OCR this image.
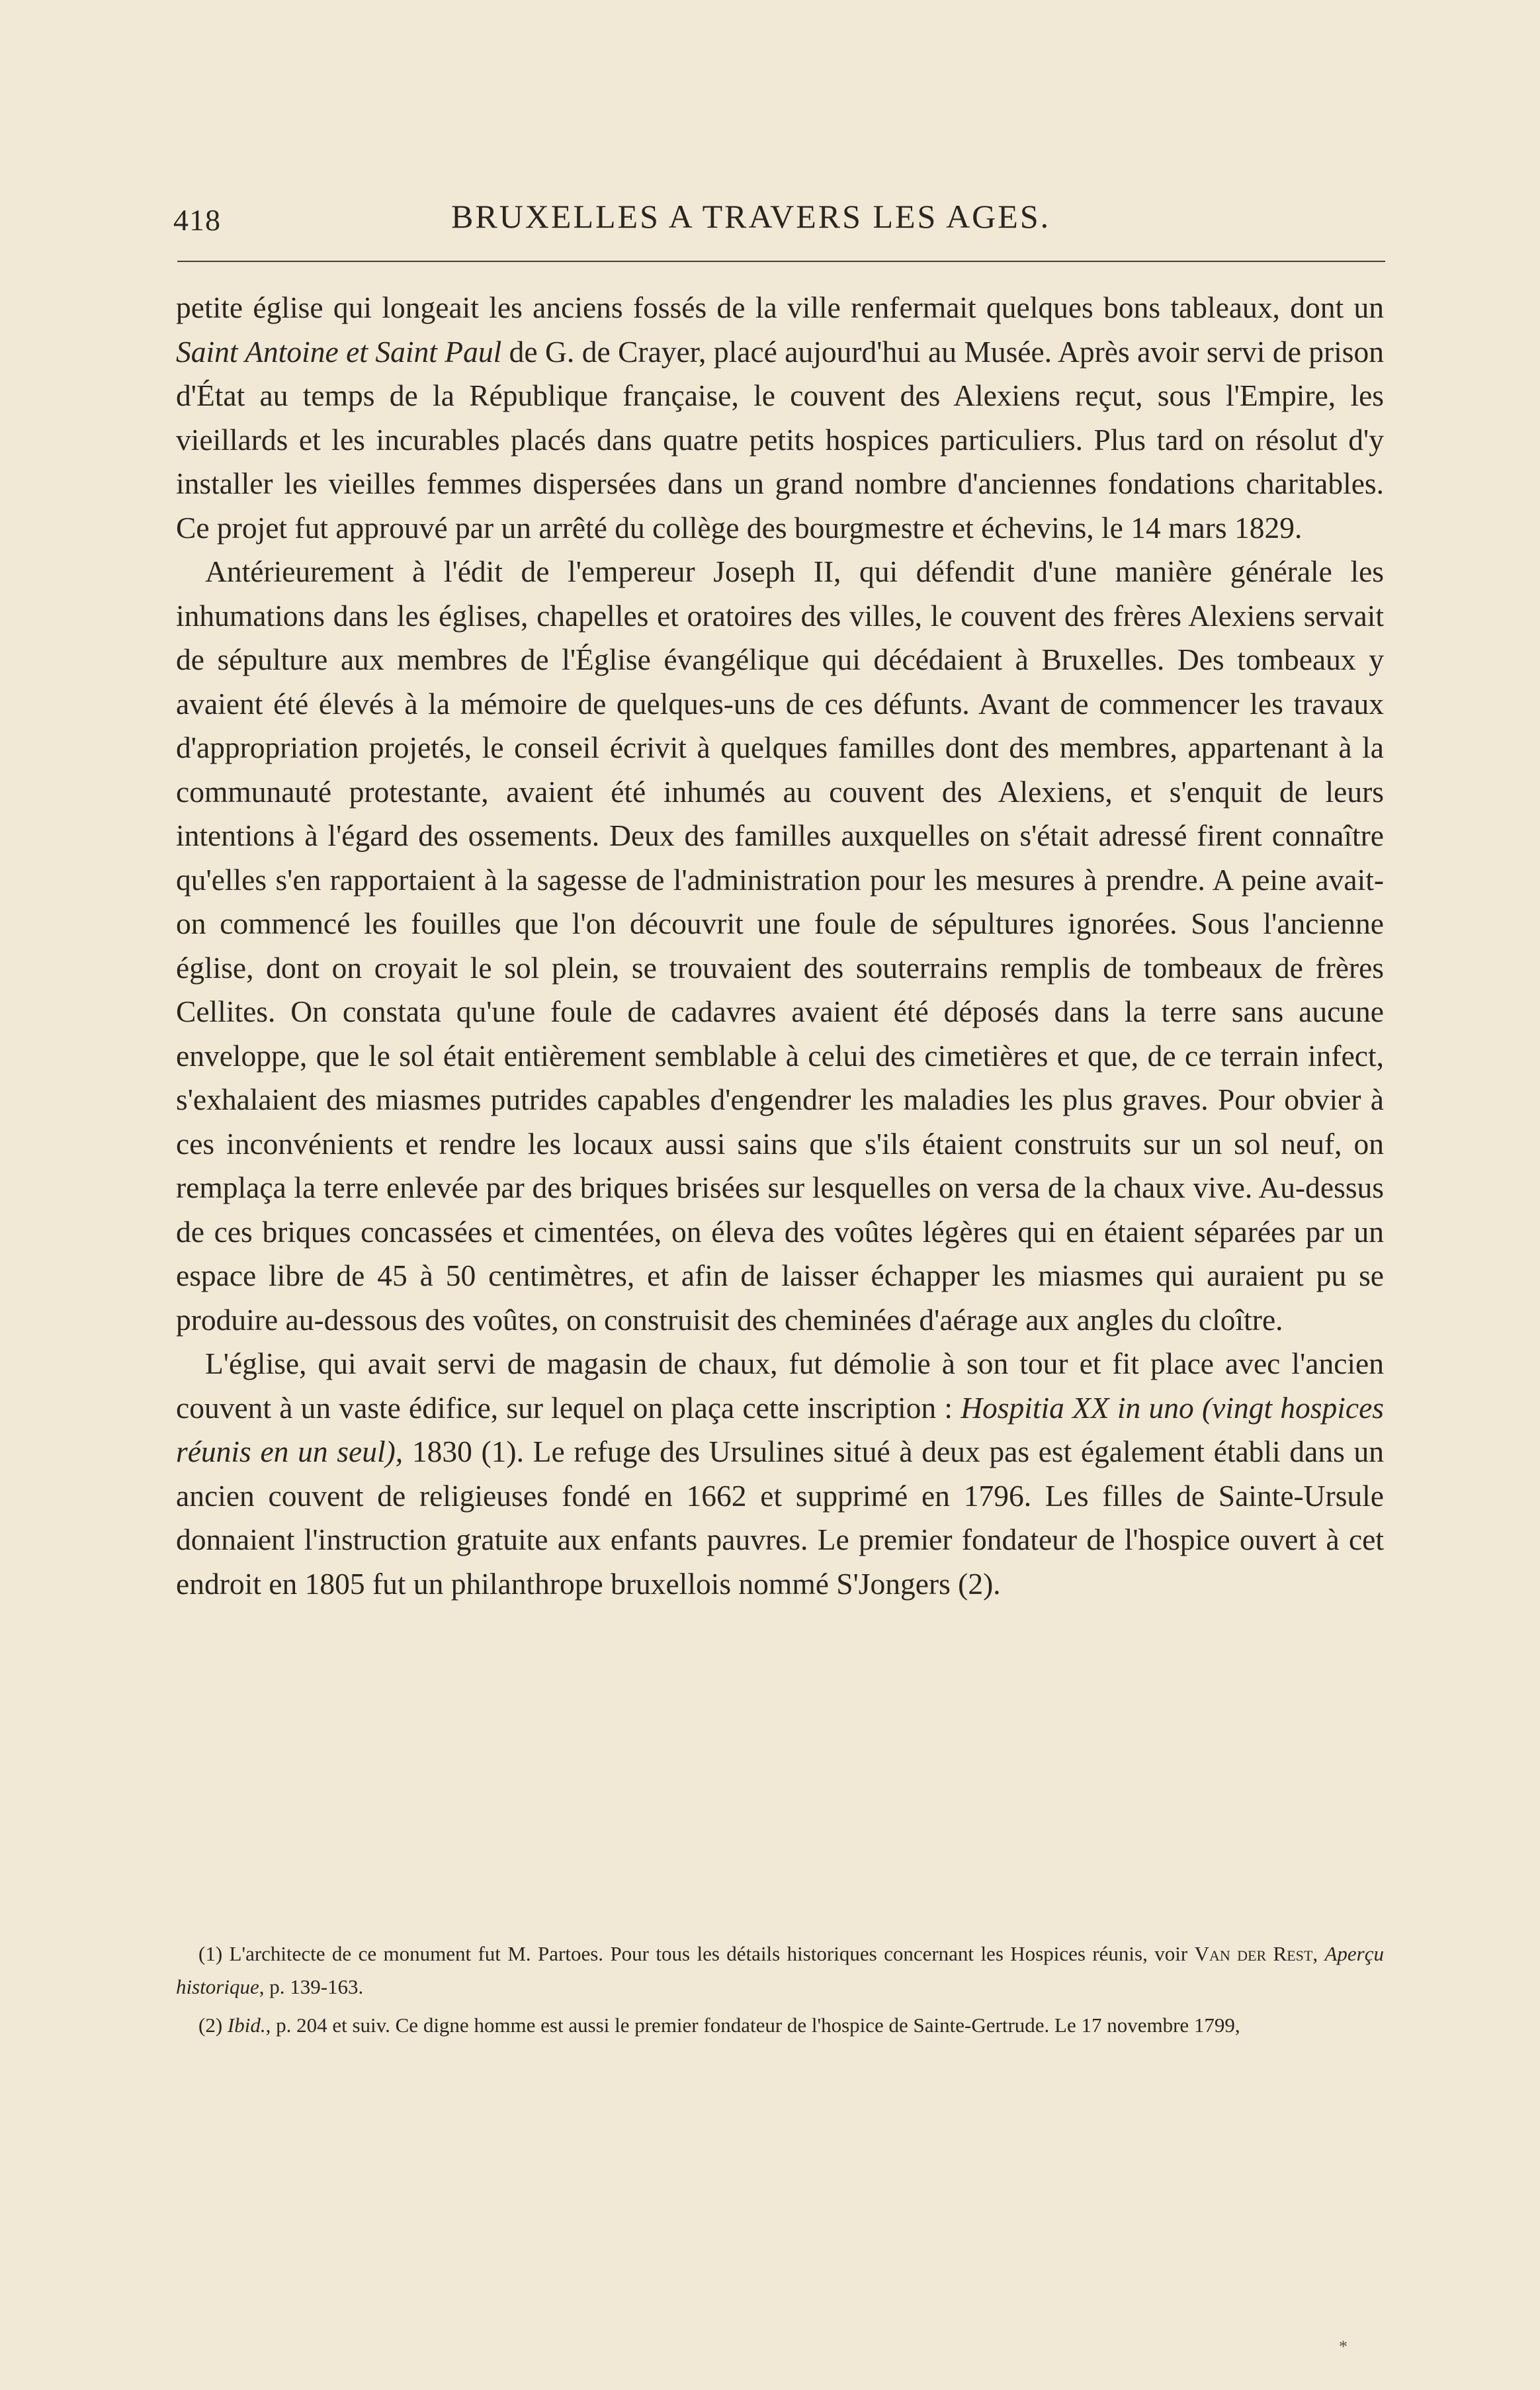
418	BRUXELLES A TRAVERS LES AGES.

petite église qui longeait les anciens fossés de la ville renfermait quelques bons tableaux, dont un Saint Antoine et Saint Paul de G. de Crayer, placé aujourd'hui au Musée. Après avoir servi de prison d'État au temps de la République française, le couvent des Alexiens reçut, sous l'Empire, les vieillards et les incurables placés dans quatre petits hospices particuliers. Plus tard on résolut d'y installer les vieilles femmes dispersées dans un grand nombre d'anciennes fondations charitables. Ce projet fut approuvé par un arrêté du collège des bourgmestre et échevins, le 14 mars 1829.

Antérieurement à l'édit de l'empereur Joseph II, qui défendit d'une manière générale les inhumations dans les églises, chapelles et oratoires des villes, le couvent des frères Alexiens servait de sépulture aux membres de l'Église évangélique qui décédaient à Bruxelles. Des tombeaux y avaient été élevés à la mémoire de quelques-uns de ces défunts. Avant de commencer les travaux d'appropriation projetés, le conseil écrivit à quelques familles dont des membres, appartenant à la communauté protestante, avaient été inhumés au couvent des Alexiens, et s'enquit de leurs intentions à l'égard des ossements. Deux des familles auxquelles on s'était adressé firent connaître qu'elles s'en rapportaient à la sagesse de l'administration pour les mesures à prendre. A peine avait-on commencé les fouilles que l'on découvrit une foule de sépultures ignorées. Sous l'ancienne église, dont on croyait le sol plein, se trouvaient des souterrains remplis de tombeaux de frères Cellites. On constata qu'une foule de cadavres avaient été déposés dans la terre sans aucune enveloppe, que le sol était entièrement semblable à celui des cimetières et que, de ce terrain infect, s'exhalaient des miasmes putrides capables d'engendrer les maladies les plus graves. Pour obvier à ces inconvénients et rendre les locaux aussi sains que s'ils étaient construits sur un sol neuf, on remplaça la terre enlevée par des briques brisées sur lesquelles on versa de la chaux vive. Au-dessus de ces briques concassées et cimentées, on éleva des voûtes légères qui en étaient séparées par un espace libre de 45 à 50 centimètres, et afin de laisser échapper les miasmes qui auraient pu se produire au-dessous des voûtes, on construisit des cheminées d'aérage aux angles du cloître.

L'église, qui avait servi de magasin de chaux, fut démolie à son tour et fit place avec l'ancien couvent à un vaste édifice, sur lequel on plaça cette inscription : Hospitia XX in uno (vingt hospices réunis en un seul), 1830 (1). Le refuge des Ursulines situé à deux pas est également établi dans un ancien couvent de religieuses fondé en 1662 et supprimé en 1796. Les filles de Sainte-Ursule donnaient l'instruction gratuite aux enfants pauvres. Le premier fondateur de l'hospice ouvert à cet endroit en 1805 fut un philanthrope bruxellois nommé S'Jongers (2).

(1) L'architecte de ce monument fut M. Partoes. Pour tous les détails historiques concernant les Hospices réunis, voir Van der Rest, Aperçu historique, p. 139-163.

(2) Ibid., p. 204 et suiv. Ce digne homme est aussi le premier fondateur de l'hospice de Sainte-Gertrude. Le 17 novembre 1799,

*
